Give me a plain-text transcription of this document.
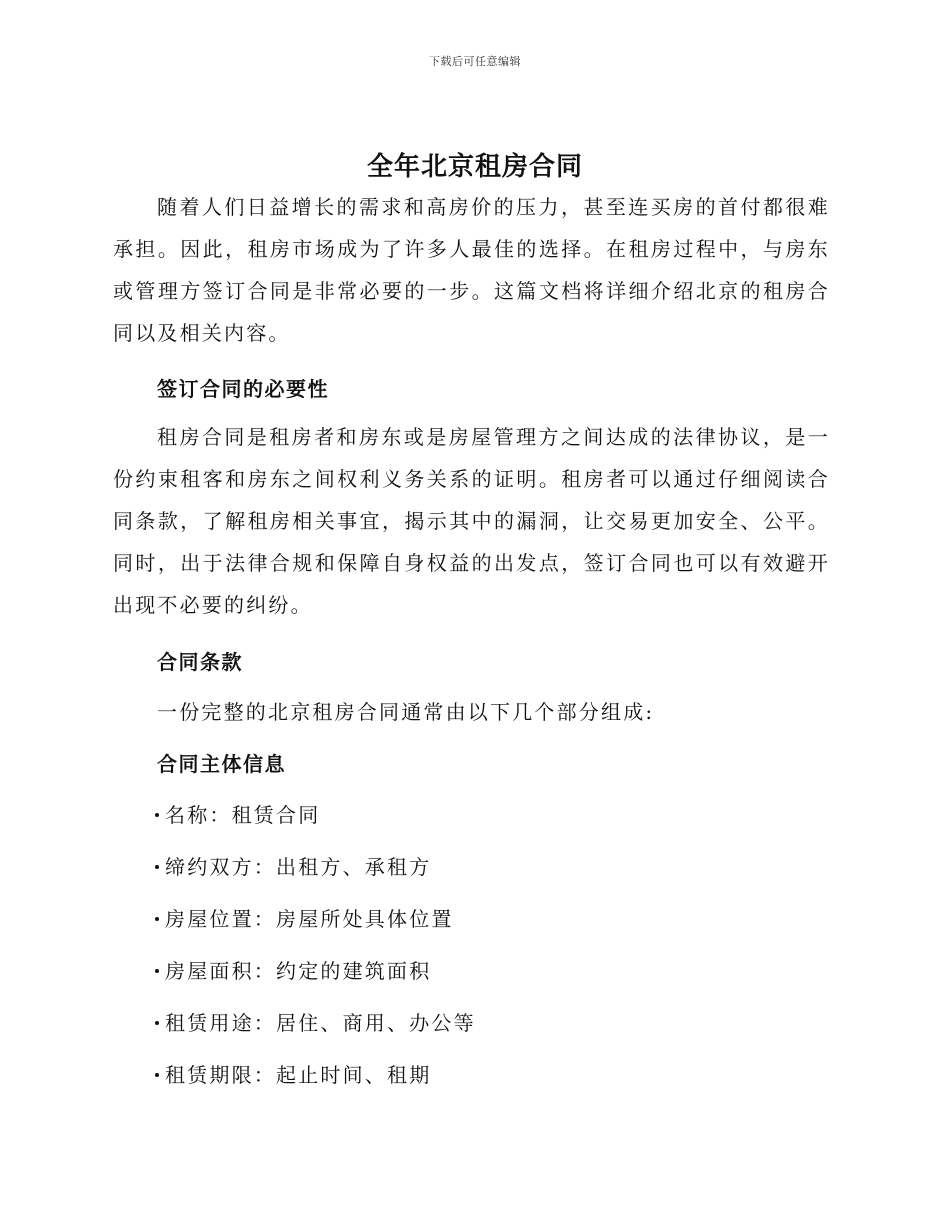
下载后可任意编辑
全年北京租房合同

随着人们日益增长的需求和高房价的压力，甚至连买房的首付都很难承担。因此，租房市场成为了许多人最佳的选择。在租房过程中，与房东或管理方签订合同是非常必要的一步。这篇文档将详细介绍北京的租房合同以及相关内容。

签订合同的必要性

租房合同是租房者和房东或是房屋管理方之间达成的法律协议，是一份约束租客和房东之间权利义务关系的证明。租房者可以通过仔细阅读合同条款，了解租房相关事宜，揭示其中的漏洞，让交易更加安全、公平。同时，出于法律合规和保障自身权益的出发点，签订合同也可以有效避开出现不必要的纠纷。

合同条款
一份完整的北京租房合同通常由以下几个部分组成:
合同主体信息
名称：租赁合同
缔约双方：出租方、承租方
房屋位置：房屋所处具体位置
房屋面积：约定的建筑面积
租赁用途：居住、商用、办公等
租赁期限：起止时间、租期
